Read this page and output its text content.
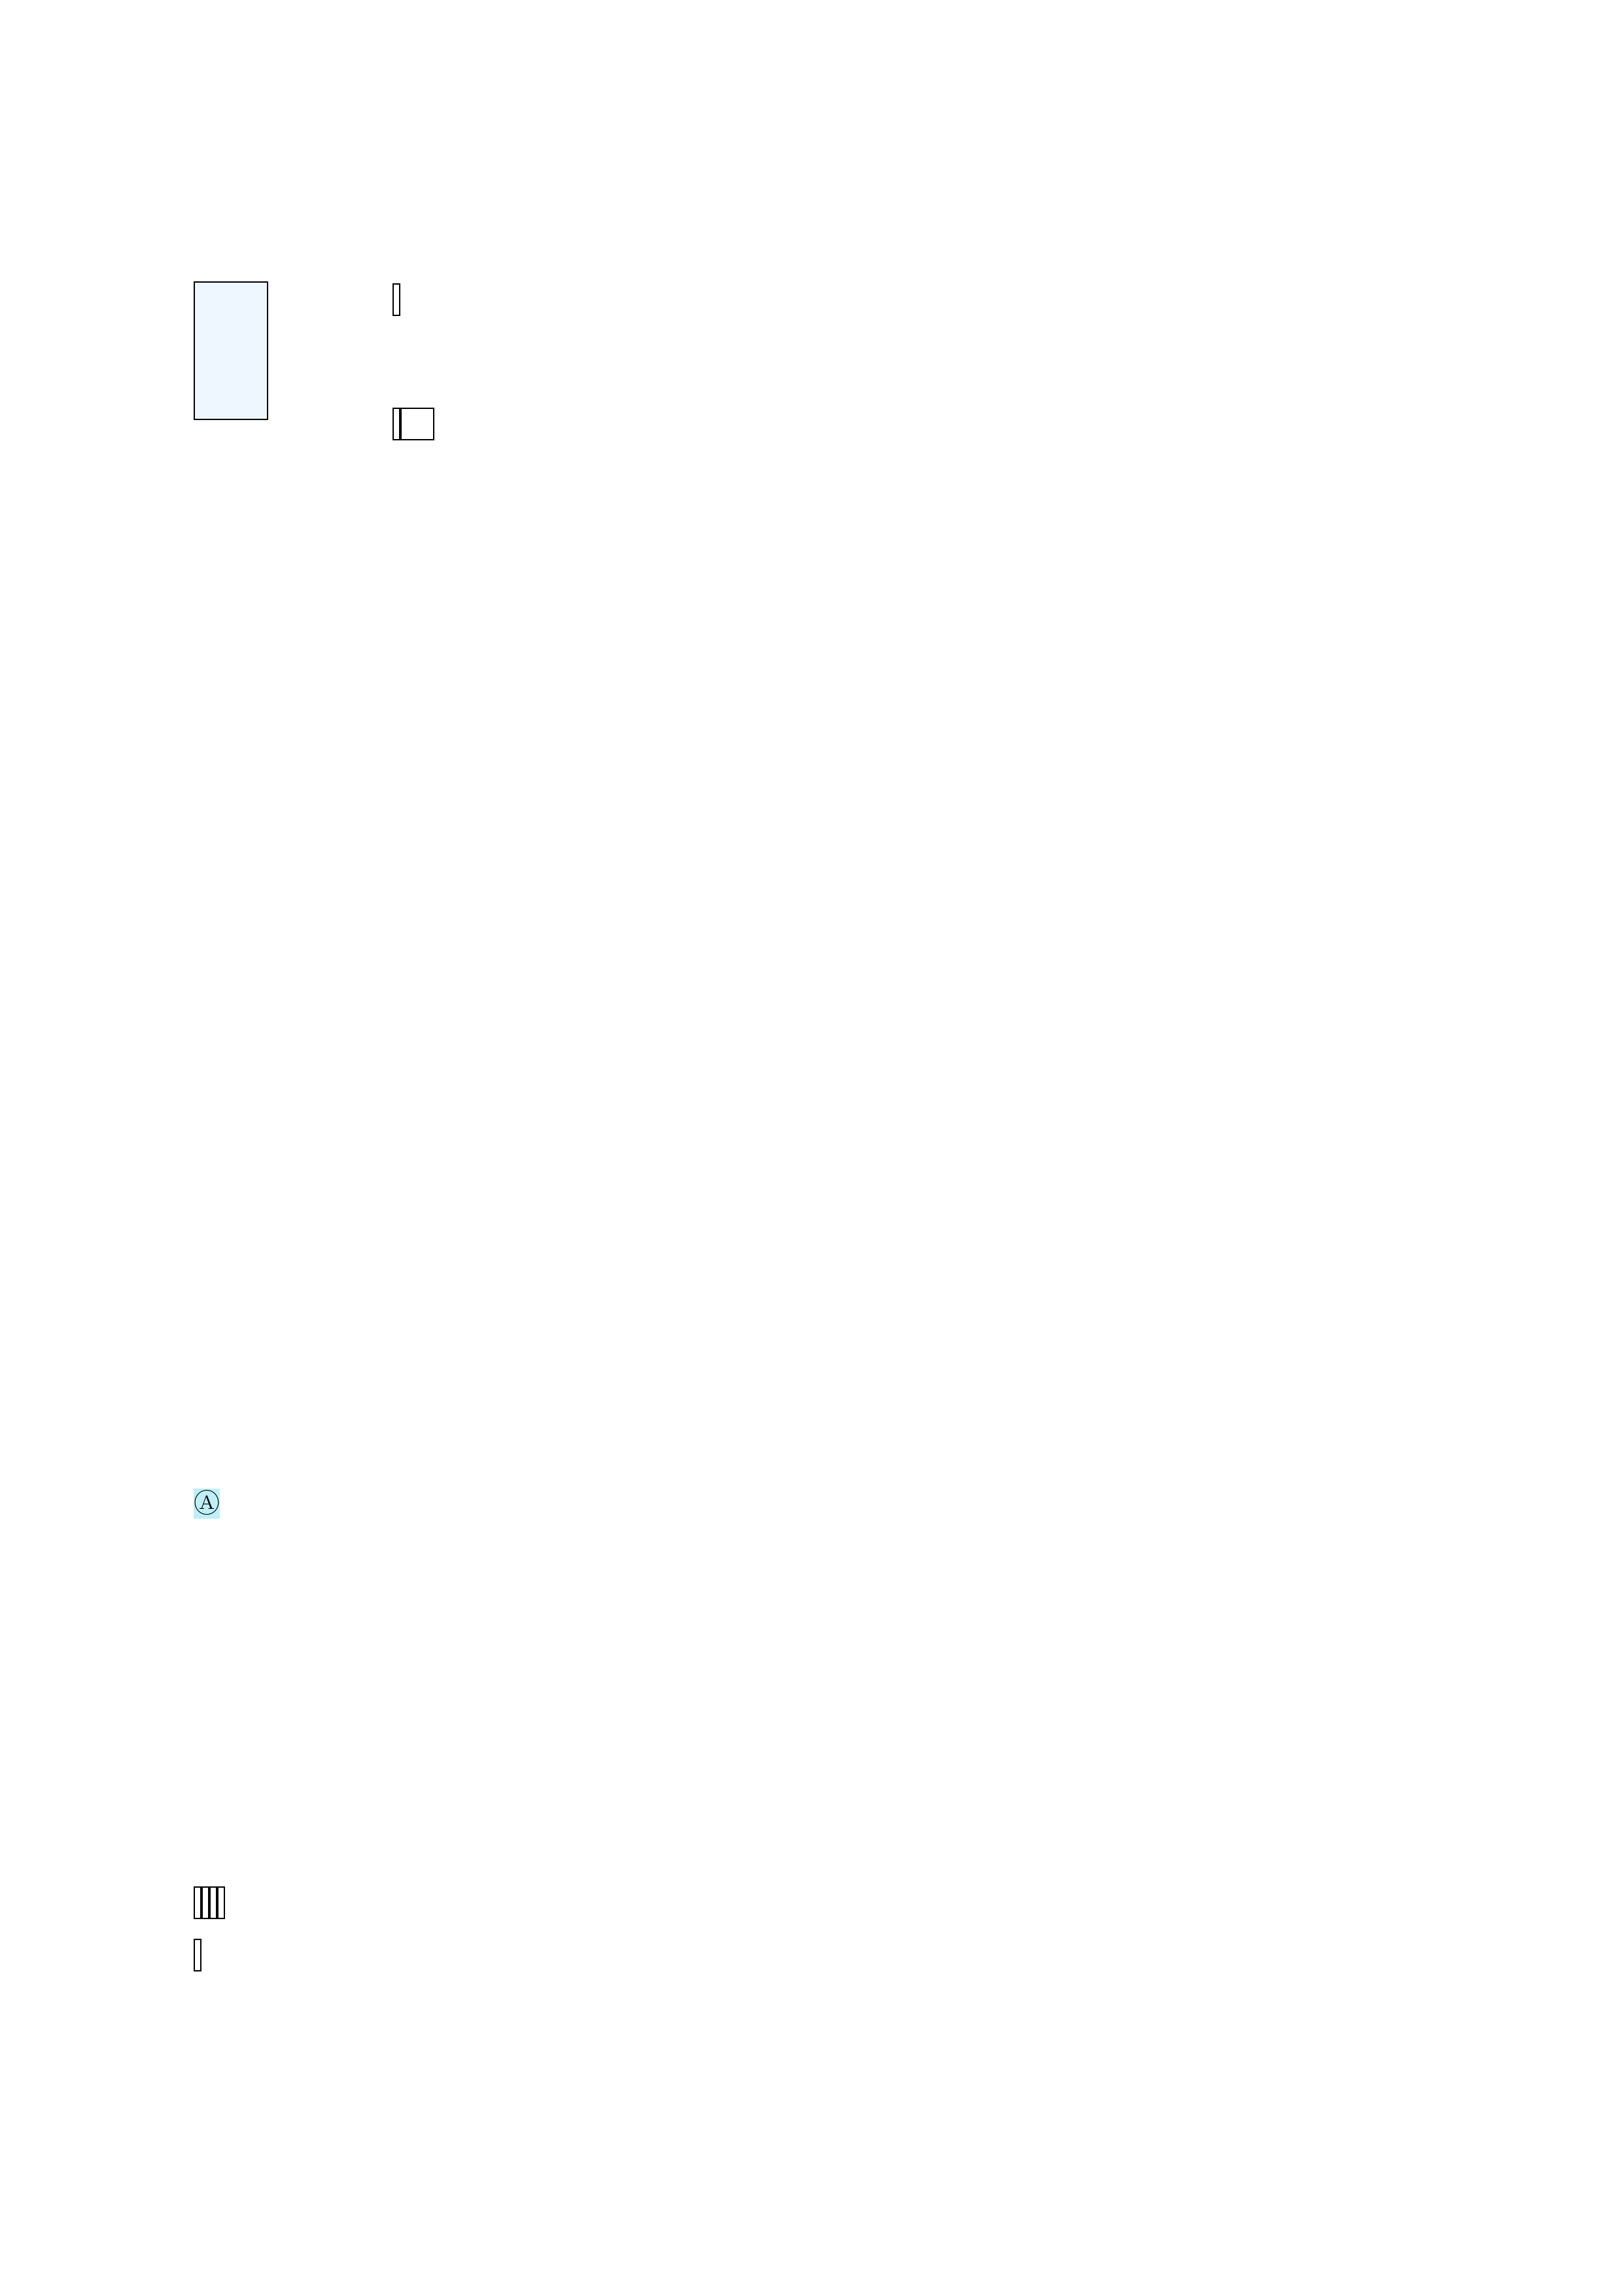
Ⓐ
